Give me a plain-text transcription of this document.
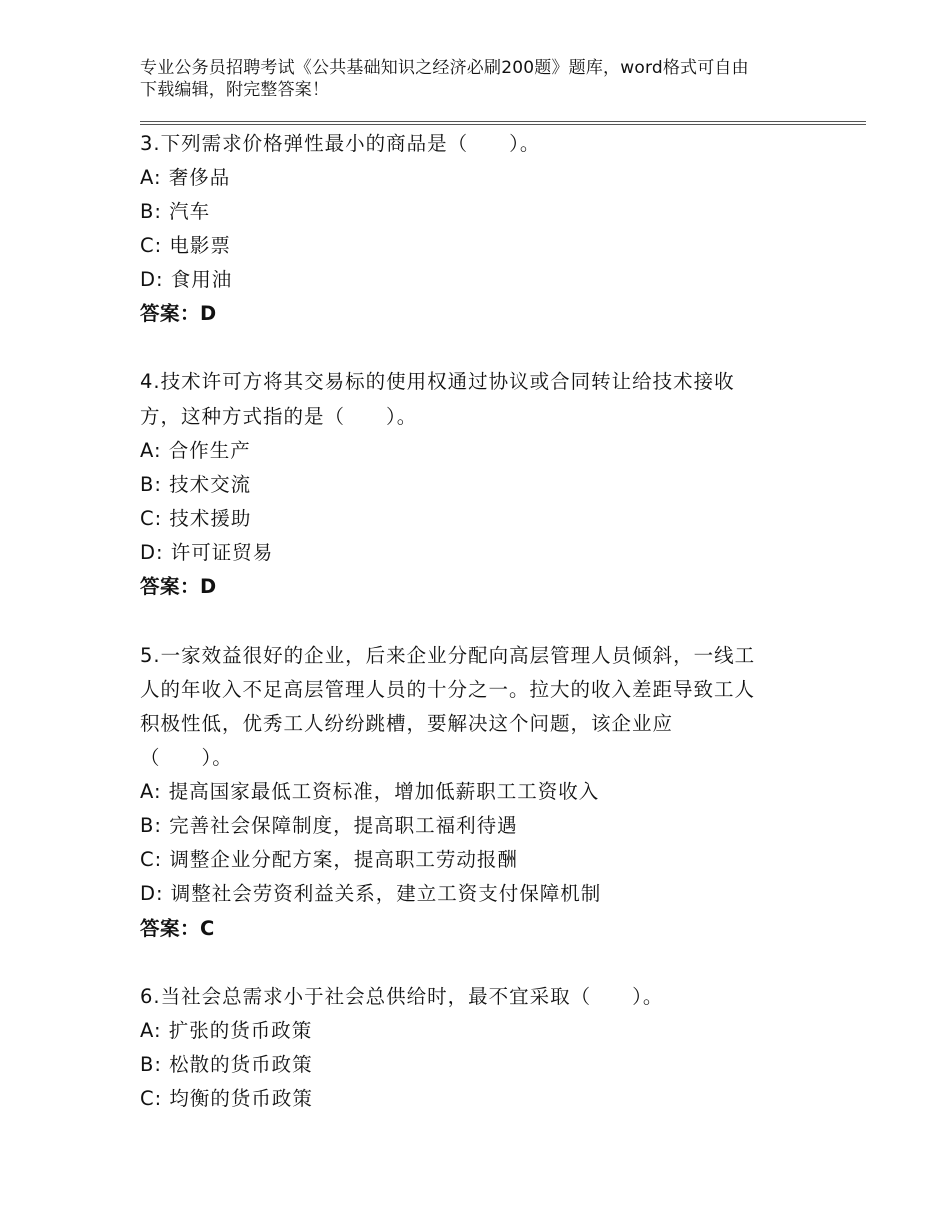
专业公务员招聘考试《公共基础知识之经济必刷200题》题库，word格式可自由
下载编辑，附完整答案！
3.下列需求价格弹性最小的商品是（　　）。
A: 奢侈品
B: 汽车
C: 电影票
D: 食用油
答案：D
4.技术许可方将其交易标的使用权通过协议或合同转让给技术接收
方，这种方式指的是（　　）。
A: 合作生产
B: 技术交流
C: 技术援助
D: 许可证贸易
答案：D
5.一家效益很好的企业，后来企业分配向高层管理人员倾斜，一线工
人的年收入不足高层管理人员的十分之一。拉大的收入差距导致工人
积极性低，优秀工人纷纷跳槽，要解决这个问题，该企业应
（　　）。
A: 提高国家最低工资标准，增加低薪职工工资收入
B: 完善社会保障制度，提高职工福利待遇
C: 调整企业分配方案，提高职工劳动报酬
D: 调整社会劳资利益关系，建立工资支付保障机制
答案：C
6.当社会总需求小于社会总供给时，最不宜采取（　　）。
A: 扩张的货币政策
B: 松散的货币政策
C: 均衡的货币政策
